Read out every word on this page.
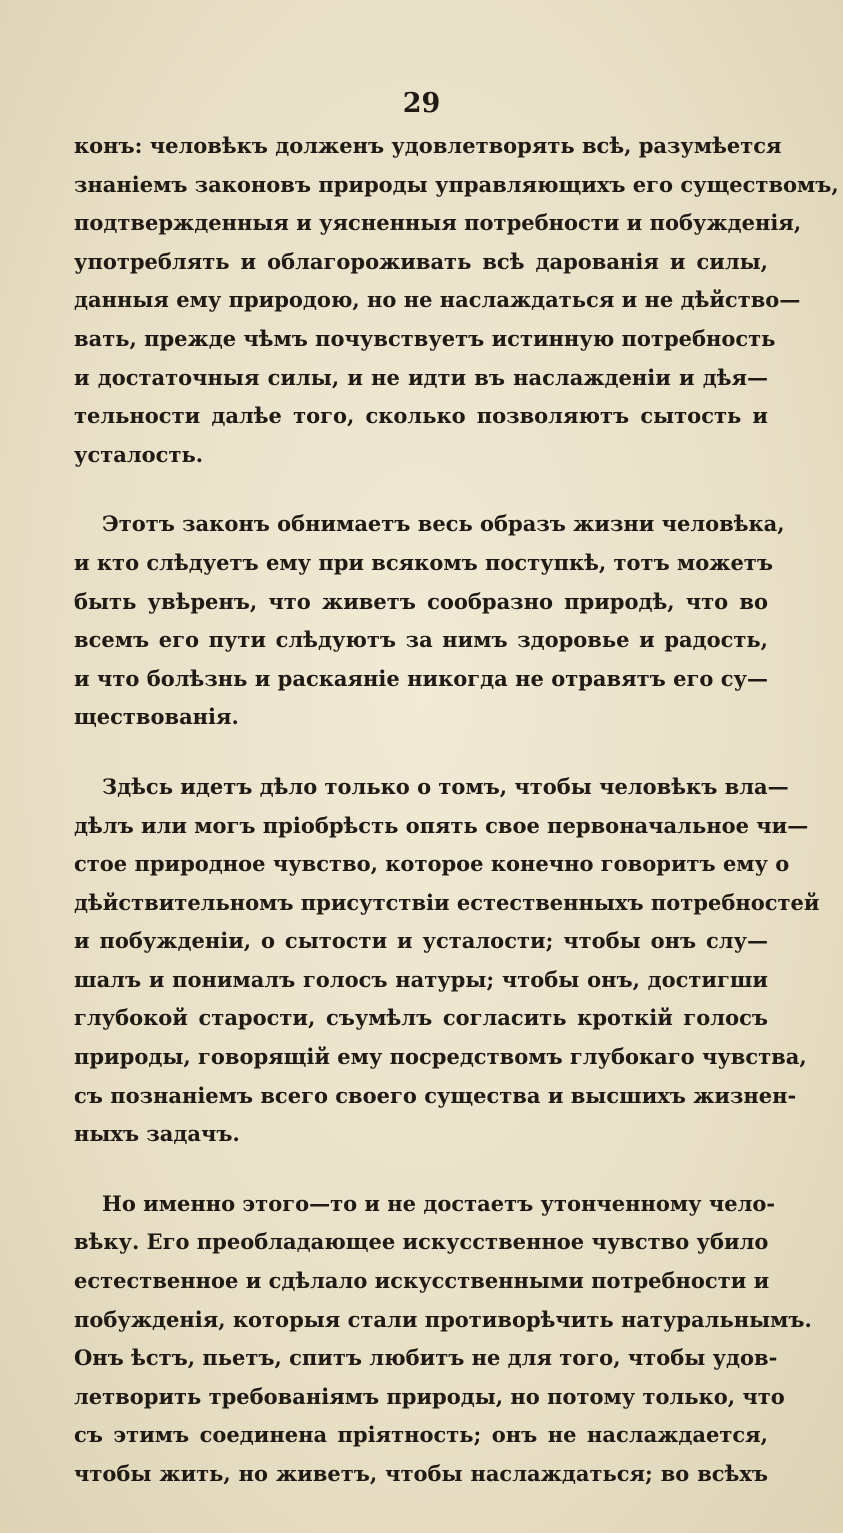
29
конъ: человѣкъ долженъ удовлетворять всѣ, разумѣется
знаніемъ законовъ природы управляющихъ его существомъ,
подтвержденныя и уясненныя потребности и побужденія,
употреблять и облагороживать всѣ дарованія и силы,
данныя ему природою, но не наслаждаться и не дѣйство—
вать, прежде чѣмъ почувствуетъ истинную потребность
и достаточныя силы, и не идти въ наслажденіи и дѣя—
тельности далѣе того, сколько позволяютъ сытость и
усталость.
Этотъ законъ обнимаетъ весь образъ жизни человѣка,
и кто слѣдуетъ ему при всякомъ поступкѣ, тотъ можетъ
быть увѣренъ, что живетъ сообразно природѣ, что во
всемъ его пути слѣдуютъ за нимъ здоровье и радость,
и что болѣзнь и раскаяніе никогда не отравятъ его су—
ществованія.
Здѣсь идетъ дѣло только о томъ, чтобы человѣкъ вла—
дѣлъ или могъ пріобрѣсть опять свое первоначальное чи—
стое природное чувство, которое конечно говоритъ ему о
дѣйствительномъ присутствіи естественныхъ потребностей
и побужденіи, о сытости и усталости; чтобы онъ слу—
шалъ и понималъ голосъ натуры; чтобы онъ, достигши
глубокой старости, съумѣлъ согласить кроткій голосъ
природы, говорящій ему посредствомъ глубокаго чувства,
съ познаніемъ всего своего существа и высшихъ жизнен-
ныхъ задачъ.
Но именно этого—то и не достаетъ утонченному чело-
вѣку. Его преобладающее искусственное чувство убило
естественное и сдѣлало искусственными потребности и
побужденія, которыя стали противорѣчить натуральнымъ.
Онъ ѣстъ, пьетъ, спитъ любитъ не для того, чтобы удов-
летворить требованіямъ природы, но потому только, что
съ этимъ соединена пріятность; онъ не наслаждается,
чтобы жить, но живетъ, чтобы наслаждаться; во всѣхъ
